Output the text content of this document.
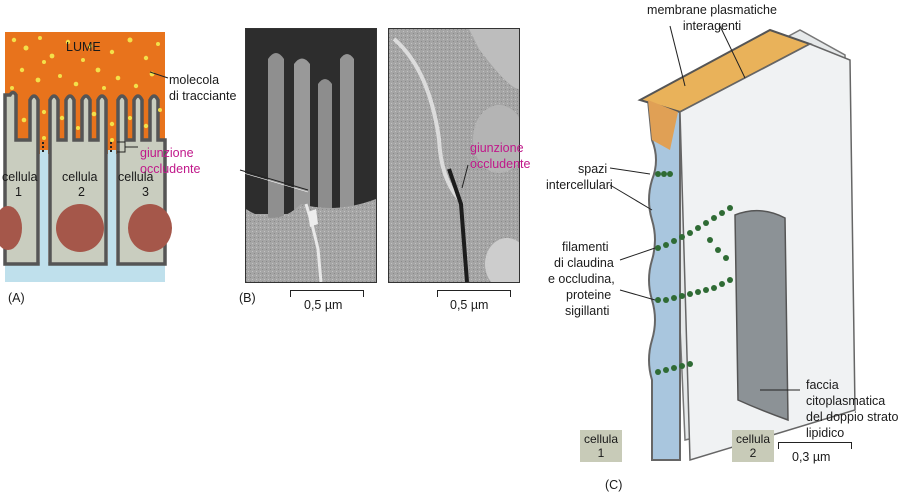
LUME
molecola
di tracciante
giunzione
occludente
cellula
1
cellula
2
cellula
3
(A)
giunzione
occludente
(B)	0,5 µm	0,5 µm
membrane plasmatiche
interagenti
spazi
intercellulari
filamenti
di claudina
e occludina,
proteine
sigillanti
faccia
citoplasmatica
del doppio strato
lipidico
cellula
1
cellula
2	0,3 µm
(C)
